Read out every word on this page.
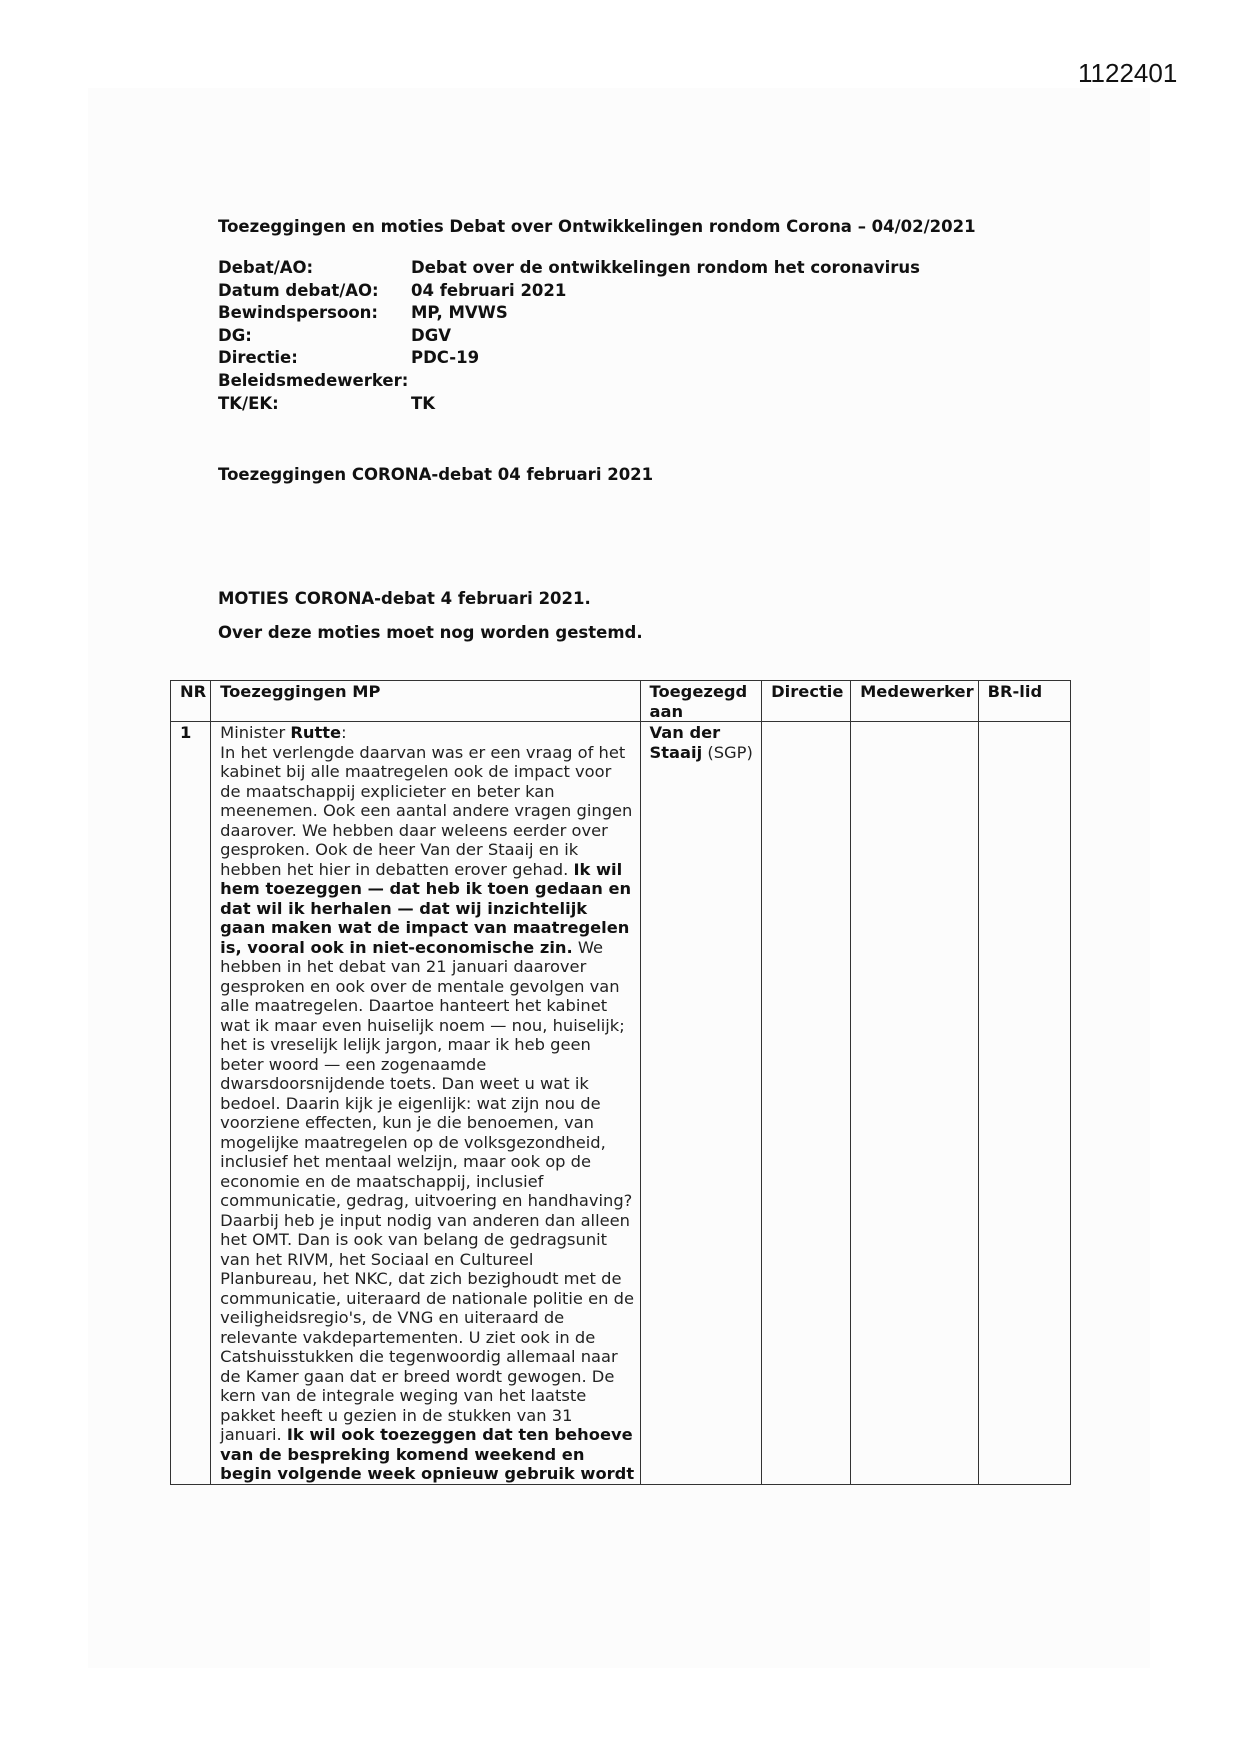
1122401
Toezeggingen en moties Debat over Ontwikkelingen rondom Corona – 04/02/2021
Debat/AO:	Debat over de ontwikkelingen rondom het coronavirus
Datum debat/AO:	04 februari 2021
Bewindspersoon:	MP, MVWS
DG:	DGV
Directie:	PDC-19
Beleidsmedewerker:
TK/EK:	TK
Toezeggingen CORONA-debat 04 februari 2021
MOTIES CORONA-debat 4 februari 2021.
Over deze moties moet nog worden gestemd.
NR	Toezeggingen MP	Toegezegd aan	Directie	Medewerker	BR-lid
1	Minister Rutte:
In het verlengde daarvan was er een vraag of het kabinet bij alle maatregelen ook de impact voor de maatschappij explicieter en beter kan meenemen. Ook een aantal andere vragen gingen daarover. We hebben daar weleens eerder over gesproken. Ook de heer Van der Staaij en ik hebben het hier in debatten erover gehad. Ik wil hem toezeggen — dat heb ik toen gedaan en dat wil ik herhalen — dat wij inzichtelijk gaan maken wat de impact van maatregelen is, vooral ook in niet-economische zin. We hebben in het debat van 21 januari daarover gesproken en ook over de mentale gevolgen van alle maatregelen. Daartoe hanteert het kabinet wat ik maar even huiselijk noem — nou, huiselijk; het is vreselijk lelijk jargon, maar ik heb geen beter woord — een zogenaamde dwarsdoorsnijdende toets. Dan weet u wat ik bedoel. Daarin kijk je eigenlijk: wat zijn nou de voorziene effecten, kun je die benoemen, van mogelijke maatregelen op de volksgezondheid, inclusief het mentaal welzijn, maar ook op de economie en de maatschappij, inclusief communicatie, gedrag, uitvoering en handhaving? Daarbij heb je input nodig van anderen dan alleen het OMT. Dan is ook van belang de gedragsunit van het RIVM, het Sociaal en Cultureel Planbureau, het NKC, dat zich bezighoudt met de communicatie, uiteraard de nationale politie en de veiligheidsregio's, de VNG en uiteraard de relevante vakdepartementen. U ziet ook in de Catshuisstukken die tegenwoordig allemaal naar de Kamer gaan dat er breed wordt gewogen. De kern van de integrale weging van het laatste pakket heeft u gezien in de stukken van 31 januari. Ik wil ook toezeggen dat ten behoeve van de bespreking komend weekend en begin volgende week opnieuw gebruik wordt	Van der Staaij (SGP)			
